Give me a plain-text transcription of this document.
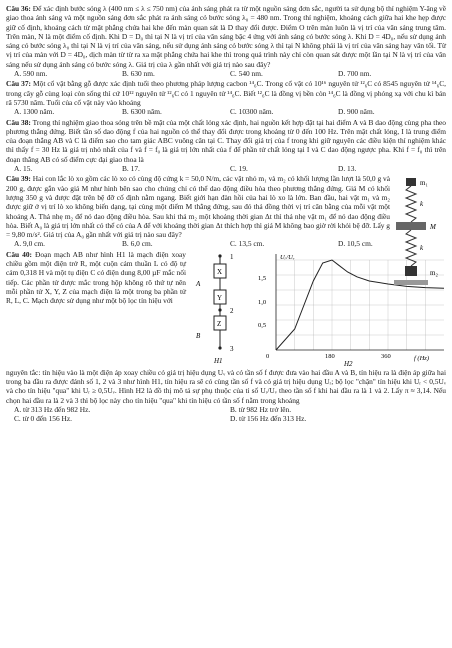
Câu 36: Để xác định bước sóng λ (400 nm ≤ λ ≤ 750 nm) của ánh sáng phát ra từ một nguồn sáng đơn sắc, người ta sử dụng bộ thí nghiệm Y-âng về giao thoa ánh sáng và một nguồn sáng đơn sắc phát ra ánh sáng có bước sóng λ₀ = 480 nm. Trong thí nghiệm, khoảng cách giữa hai khe hẹp được giữ cố định, khoảng cách từ mặt phẳng chứa hai khe đến màn quan sát là D thay đổi được. Điểm O trên màn luôn là vị trí của vân sáng trung tâm. Trên màn, N là một điểm cố định. Khi D = D₀ thì tại N là vị trí của vân sáng bậc 4 ứng với ánh sáng có bước sóng λ. Khi D = 4D₀, nếu sử dụng ánh sáng có bước sóng λ₀ thì tại N là vị trí của vân sáng, nếu sử dụng ánh sáng có bước sóng λ thì tại N không phải là vị trí của vân sáng hay vân tối. Từ vị trí của màn với D = 4D₀, dịch màn từ từ ra xa mặt phẳng chứa hai khe thì trong quá trình này chỉ còn quan sát được một lần tại N là vị trí của vân sáng nếu sử dụng ánh sáng có bước sóng λ. Giá trị của λ gần nhất với giá trị nào sau đây?

A. 590 nm.	B. 630 nm.	C. 540 nm.	D. 700 nm.

Câu 37: Một cổ vật bằng gỗ được xác định tuổi theo phương pháp lượng cacbon ¹⁴₆C. Trong cổ vật có 10¹⁶ nguyên tử ¹²₆C có 8545 nguyên tử ¹⁴₆C, trong cây gỗ cùng loại còn sống thì cứ 10¹² nguyên tử ¹²₆C có 1 nguyên tử ¹⁴₆C. Biết ¹²₆C là đồng vị bền còn ¹⁴₆C là đồng vị phóng xạ với chu kì bán rã 5730 năm. Tuổi của cổ vật này vào khoảng

A. 1300 năm.	B. 6300 năm.	C. 10300 năm.	D. 900 năm.

Câu 38: Trong thí nghiệm giao thoa sóng trên bề mặt của một chất lỏng xác định, hai nguồn kết hợp đặt tại hai điểm A và B dao động cùng pha theo phương thẳng đứng. Biết tần số dao động f của hai nguồn có thể thay đổi được trong khoảng từ 0 đến 100 Hz. Trên mặt chất lỏng, I là trung điểm của đoạn thẳng AB và C là điểm sao cho tam giác ABC vuông cân tại C. Thay đổi giá trị của f trong khi giữ nguyên các điều kiện thí nghiệm khác thì thấy f = 30 Hz là giá trị nhỏ nhất của f và f = f₀ là giá trị lớn nhất của f để phần tử chất lỏng tại I và C dao động ngược pha. Khi f = f₀ thì trên đoạn thẳng AB có số điểm cực đại giao thoa là

A. 15.	B. 17.	C. 19.	D. 13.

Câu 39: Hai con lắc lò xo gồm các lò xo có cùng độ cứng k = 50,0 N/m, các vật nhỏ m₁ và m₂ có khối lượng lần lượt là 50,0 g và 200 g, được gắn vào giá M như hình bên sao cho chúng chỉ có thể dao động điều hòa theo phương thẳng đứng. Giá M có khối lượng 350 g và được đặt trên bệ đỡ cố định nằm ngang. Biết giới hạn đàn hồi của hai lò xo là lớn. Ban đầu, hai vật m₁ và m₂ được giữ ở vị trí lò xo không biến dạng, tại cùng một điểm M thẳng đứng, sau đó thả đồng thời vị trí cân bằng của mỗi vật một khoảng A. Thả nhẹ m₂ để nó dao động điều hòa. Sau khi thả m₂ một khoảng thời gian Δt thì thả nhẹ vật m₁ để nó dao động điều hòa. Biết A₀ là giá trị lớn nhất có thể có của A để với khoảng thời gian Δt thích hợp thì giá M không bao giờ rời khỏi bệ đỡ. Lấy g = 9,80 m/s². Giá trị của A₀ gần nhất với giá trị nào sau đây?

m₁
k
M
k
m₂
A. 9,0 cm.	B. 6,0 cm.	C. 13,5 cm.	D. 10,5 cm.

Câu 40: Đoạn mạch AB như hình H1 là mạch điện xoay chiều gồm một điện trở R, một cuộn cảm thuần L có độ tự cảm 0,318 H và một tụ điện C có điện dung 8,00 µF mắc nối tiếp. Các phần tử được mắc trong hộp không rõ thứ tự nên mỗi phần tử X, Y, Z của mạch điện là một trong ba phần tử R, L, C. Mạch được sử dụng như một bộ lọc tín hiệu với

1
X
A
Y
2
Z
B
3
H1
Uᵣ/Uᵥ
f (Hz)
1,5
1,0
0,5
0	180	360
H2

nguyên tắc: tín hiệu vào là một điện áp xoay chiều có giá trị hiệu dụng Uᵥ và có tần số f được đưa vào hai đầu A và B, tín hiệu ra là điện áp giữa hai trong ba đầu ra được đánh số 1, 2 và 3 như hình H1, tín hiệu ra sẽ có cùng tần số f và có giá trị hiệu dụng Uᵣ; bộ lọc "chặn" tín hiệu khi Uᵣ < 0,5Uᵥ và cho tín hiệu "qua" khi Uᵣ ≥ 0,5Uᵥ. Hình H2 là đồ thị mô tả sự phụ thuộc của tỉ số Uᵣ/Uᵥ theo tần số f khi hai đầu ra là 1 và 2. Lấy π ≈ 3,14. Nếu chọn hai đầu ra là 2 và 3 thì bộ lọc này cho tín hiệu "qua" khi tín hiệu có tần số f nằm trong khoảng

A. từ 313 Hz đến 982 Hz.	B. từ 982 Hz trở lên.
C. từ 0 đến 156 Hz.	D. từ 156 Hz đến 313 Hz.
